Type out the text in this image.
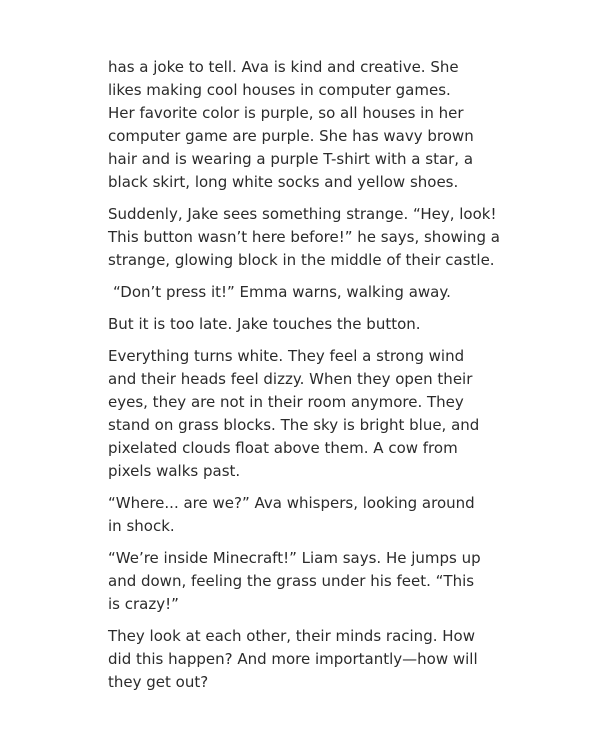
has a joke to tell. Ava is kind and creative. She
likes making cool houses in computer games.
Her favorite color is purple, so all houses in her
computer game are purple. She has wavy brown
hair and is wearing a purple T-shirt with a star, a
black skirt, long white socks and yellow shoes.

Suddenly, Jake sees something strange. “Hey, look!
This button wasn’t here before!” he says, showing a
strange, glowing block in the middle of their castle.

“Don’t press it!” Emma warns, walking away.

But it is too late. Jake touches the button.

Everything turns white. They feel a strong wind
and their heads feel dizzy. When they open their
eyes, they are not in their room anymore. They
stand on grass blocks. The sky is bright blue, and
pixelated clouds float above them. A cow from
pixels walks past.

“Where... are we?” Ava whispers, looking around
in shock.

“We’re inside Minecraft!” Liam says. He jumps up
and down, feeling the grass under his feet. “This
is crazy!”

They look at each other, their minds racing. How
did this happen? And more importantly—how will
they get out?
